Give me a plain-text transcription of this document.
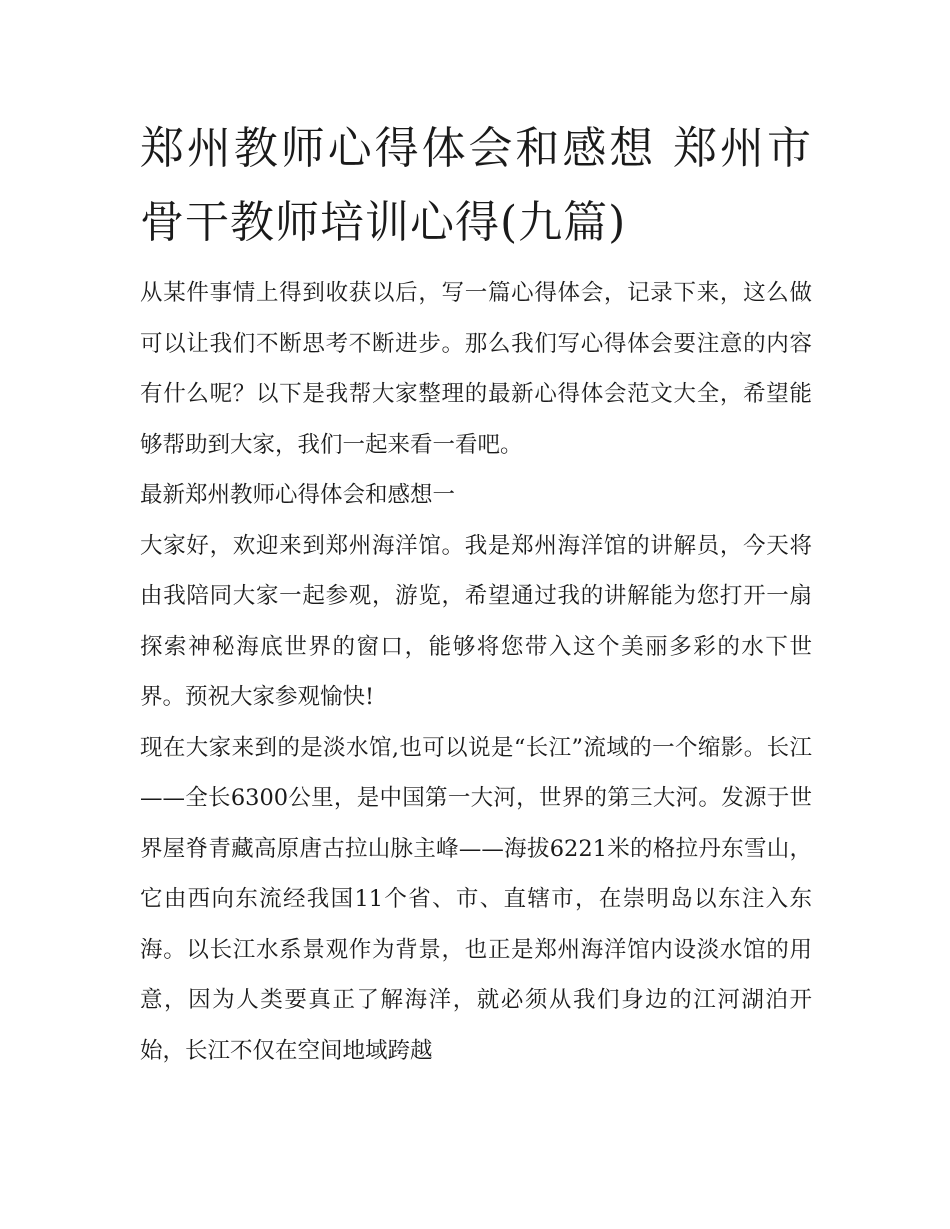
郑州教师心得体会和感想 郑州市骨干教师培训心得(九篇)

从某件事情上得到收获以后，写一篇心得体会，记录下来，这么做可以让我们不断思考不断进步。那么我们写心得体会要注意的内容有什么呢？以下是我帮大家整理的最新心得体会范文大全，希望能够帮助到大家，我们一起来看一看吧。

最新郑州教师心得体会和感想一

大家好，欢迎来到郑州海洋馆。我是郑州海洋馆的讲解员，今天将由我陪同大家一起参观，游览，希望通过我的讲解能为您打开一扇探索神秘海底世界的窗口，能够将您带入这个美丽多彩的水下世界。预祝大家参观愉快!

现在大家来到的是淡水馆,也可以说是“长江”流域的一个缩影。长江——全长6300公里，是中国第一大河，世界的第三大河。发源于世界屋脊青藏高原唐古拉山脉主峰——海拔6221米的格拉丹东雪山，它由西向东流经我国11个省、市、直辖市，在崇明岛以东注入东海。以长江水系景观作为背景，也正是郑州海洋馆内设淡水馆的用意，因为人类要真正了解海洋，就必须从我们身边的江河湖泊开始，长江不仅在空间地域跨越
